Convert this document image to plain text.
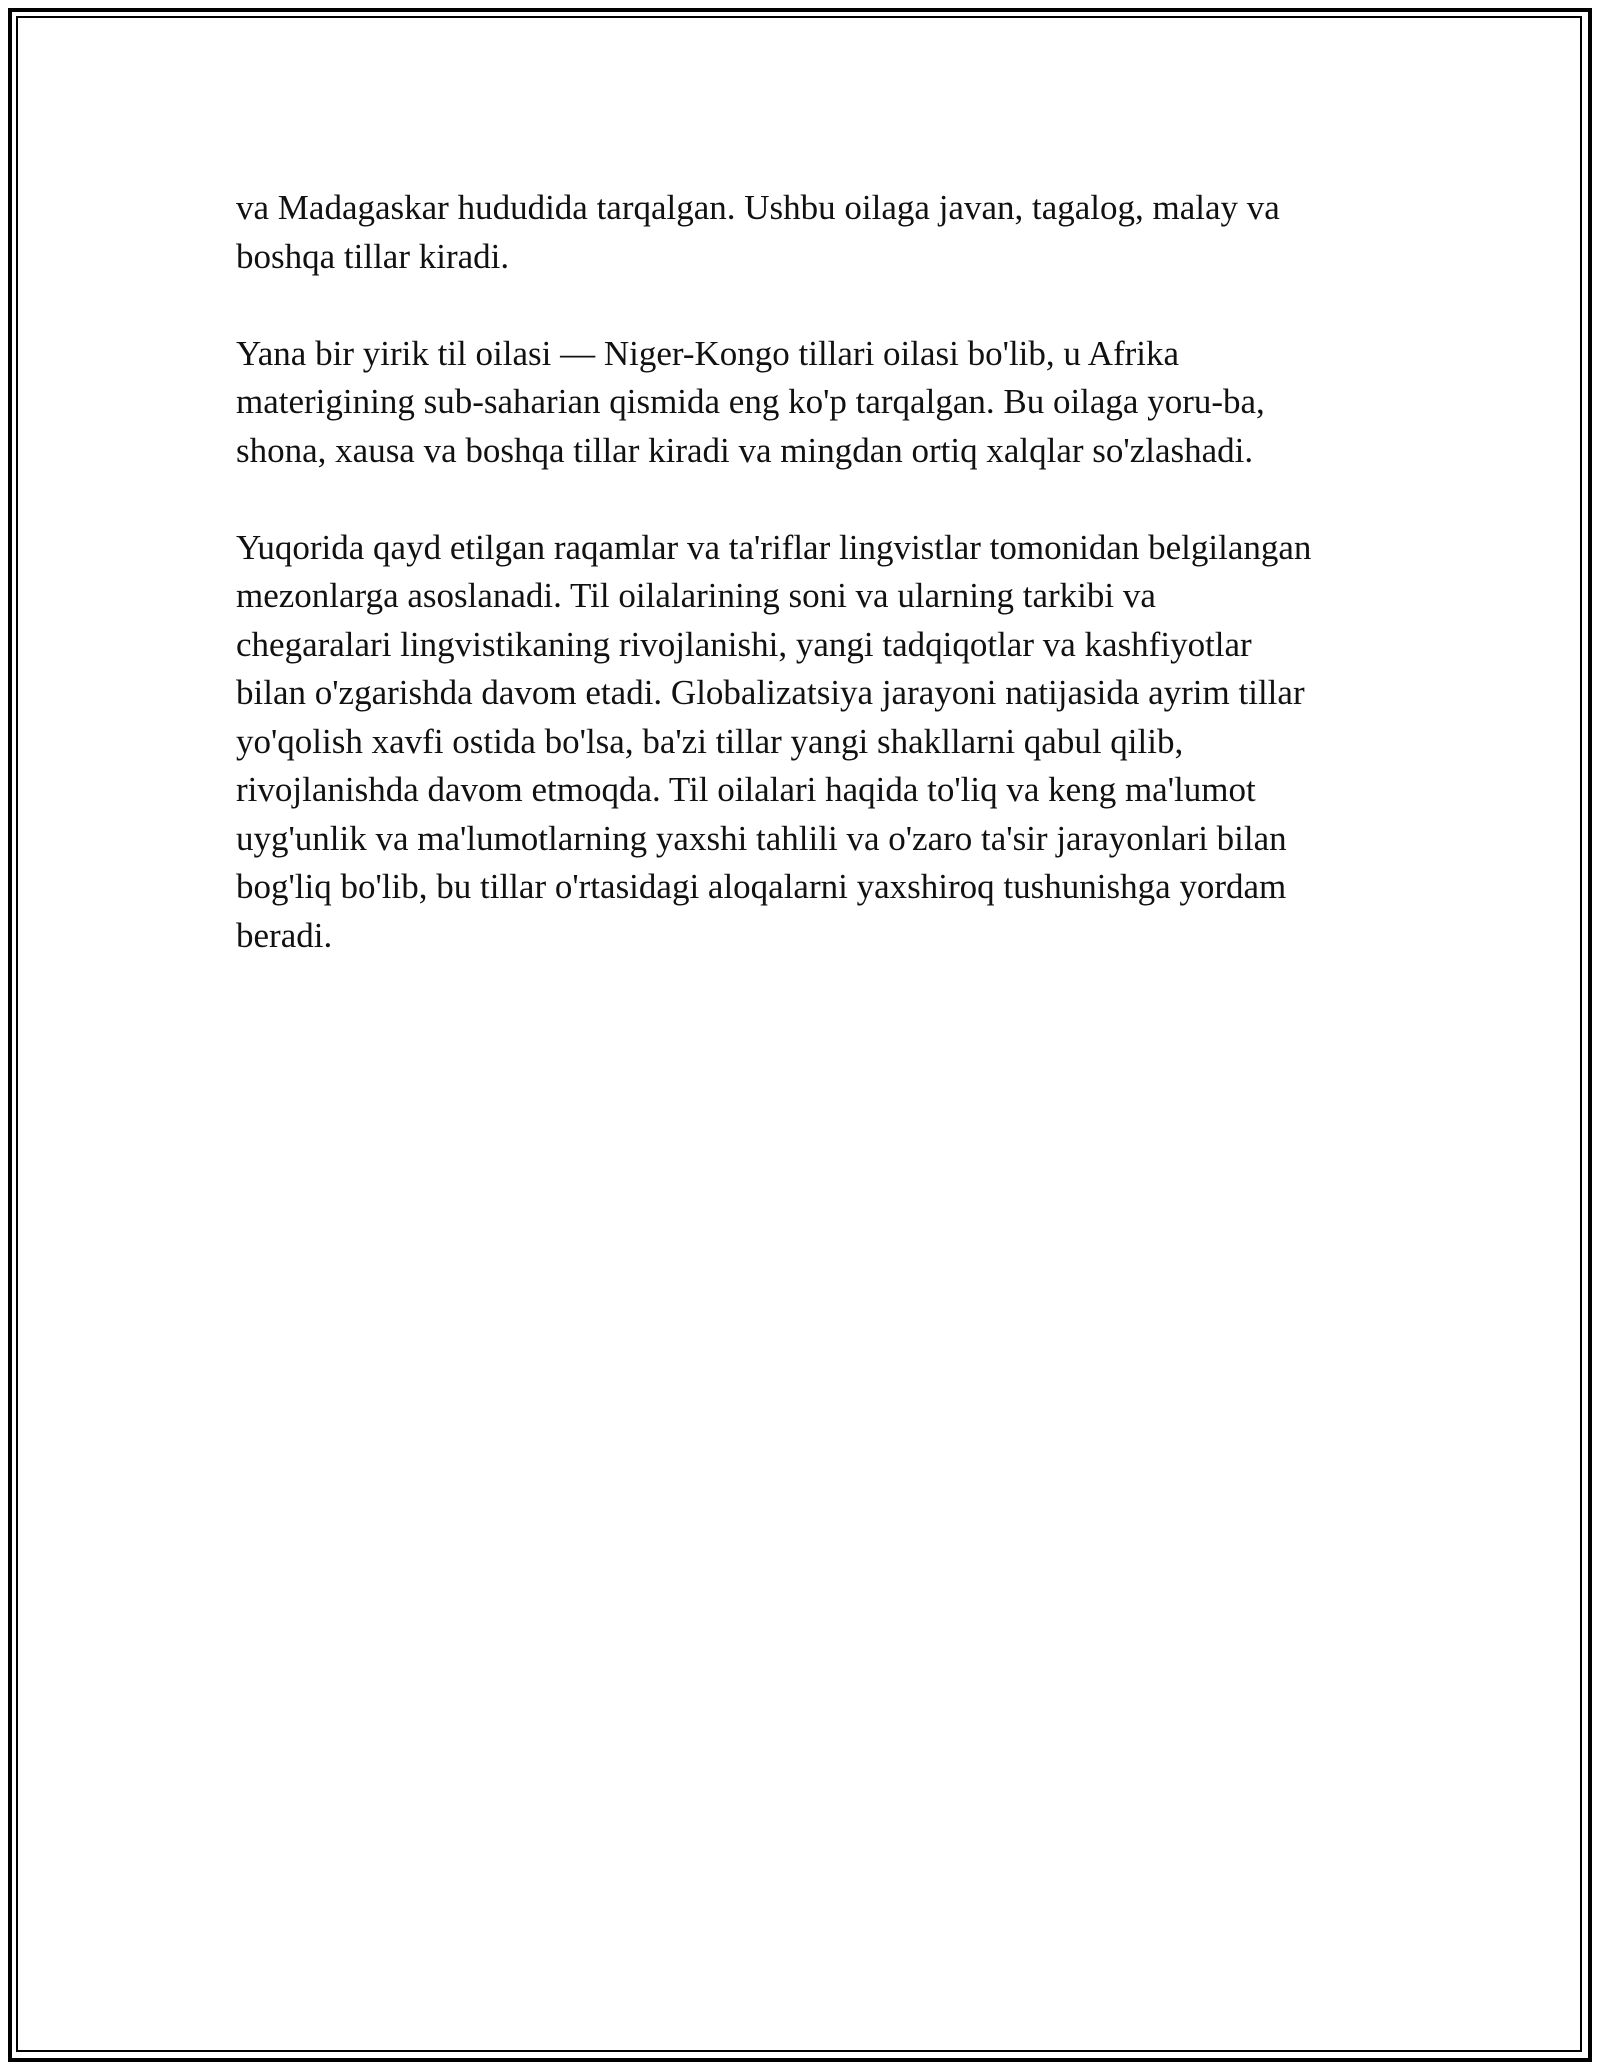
va Madagaskar hududida tarqalgan. Ushbu oilaga javan, tagalog, malay va
boshqa tillar kiradi.

Yana bir yirik til oilasi — Niger-Kongo tillari oilasi bo'lib, u Afrika
materigining sub-saharian qismida eng ko'p tarqalgan. Bu oilaga yoru-ba,
shona, xausa va boshqa tillar kiradi va mingdan ortiq xalqlar so'zlashadi.

Yuqorida qayd etilgan raqamlar va ta'riflar lingvistlar tomonidan belgilangan
mezonlarga asoslanadi. Til oilalarining soni va ularning tarkibi va
chegaralari lingvistikaning rivojlanishi, yangi tadqiqotlar va kashfiyotlar
bilan o'zgarishda davom etadi. Globalizatsiya jarayoni natijasida ayrim tillar
yo'qolish xavfi ostida bo'lsa, ba'zi tillar yangi shakllarni qabul qilib,
rivojlanishda davom etmoqda. Til oilalari haqida to'liq va keng ma'lumot
uyg'unlik va ma'lumotlarning yaxshi tahlili va o'zaro ta'sir jarayonlari bilan
bog'liq bo'lib, bu tillar o'rtasidagi aloqalarni yaxshiroq tushunishga yordam
beradi.
